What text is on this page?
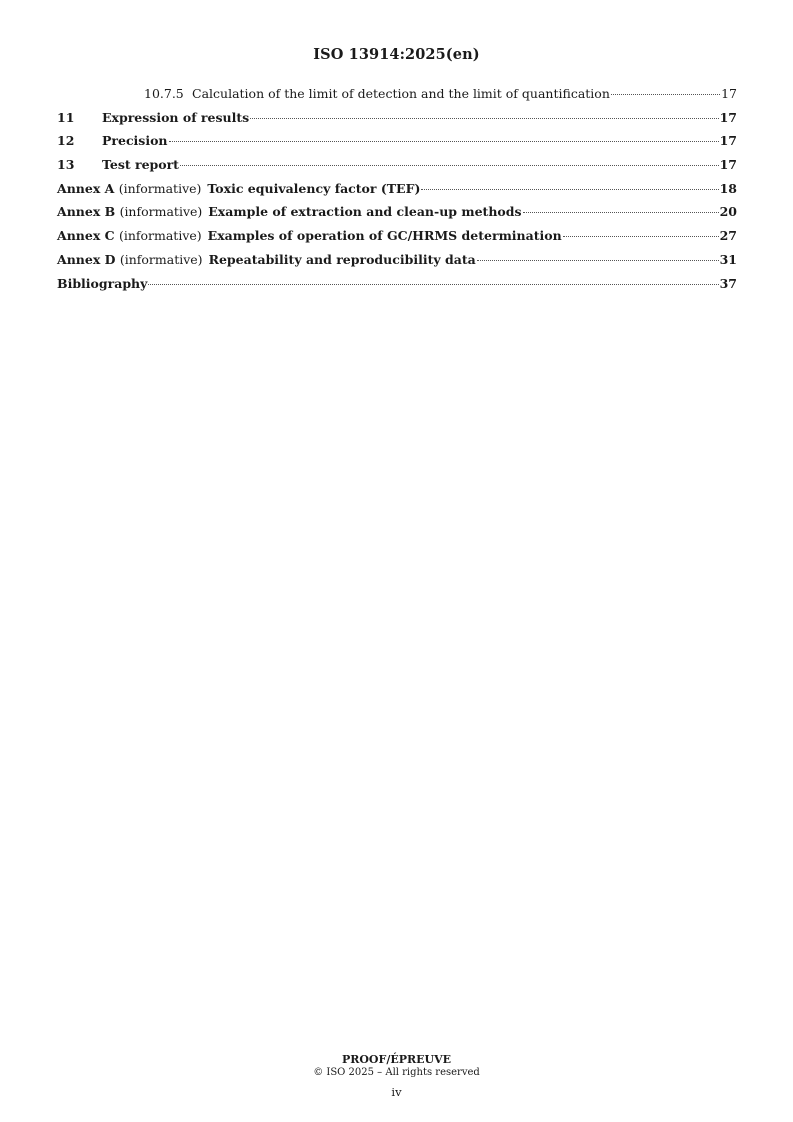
ISO 13914:2025(en)
10.7.5 Calculation of the limit of detection and the limit of quantification	17
11	Expression of results	17
12	Precision	17
13	Test report	17
Annex A (informative) Toxic equivalency factor (TEF)	18
Annex B (informative) Example of extraction and clean-up methods	20
Annex C (informative) Examples of operation of GC/HRMS determination	27
Annex D (informative) Repeatability and reproducibility data	31
Bibliography	37
PROOF/ÉPREUVE
© ISO 2025 – All rights reserved
iv
